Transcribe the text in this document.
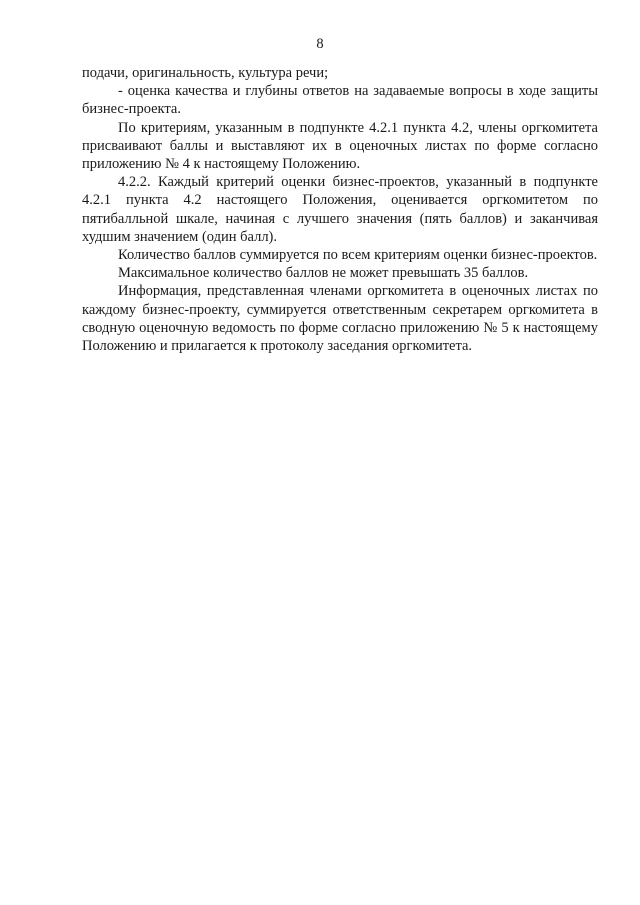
8

подачи, оригинальность, культура речи;

- оценка качества и глубины ответов на задаваемые вопросы в ходе защиты бизнес-проекта.

По критериям, указанным в подпункте 4.2.1 пункта 4.2, члены оргкомитета присваивают баллы и выставляют их в оценочных листах по форме согласно приложению № 4 к настоящему Положению.

4.2.2. Каждый критерий оценки бизнес-проектов, указанный в подпункте 4.2.1 пункта 4.2 настоящего Положения, оценивается оргкомитетом по пятибалльной шкале, начиная с лучшего значения (пять баллов) и заканчивая худшим значением (один балл).

Количество баллов суммируется по всем критериям оценки бизнес-проектов.

Максимальное количество баллов не может превышать 35 баллов.

Информация, представленная членами оргкомитета в оценочных листах по каждому бизнес-проекту, суммируется ответственным секретарем оргкомитета в сводную оценочную ведомость по форме согласно приложению № 5 к настоящему Положению и прилагается к протоколу заседания оргкомитета.
